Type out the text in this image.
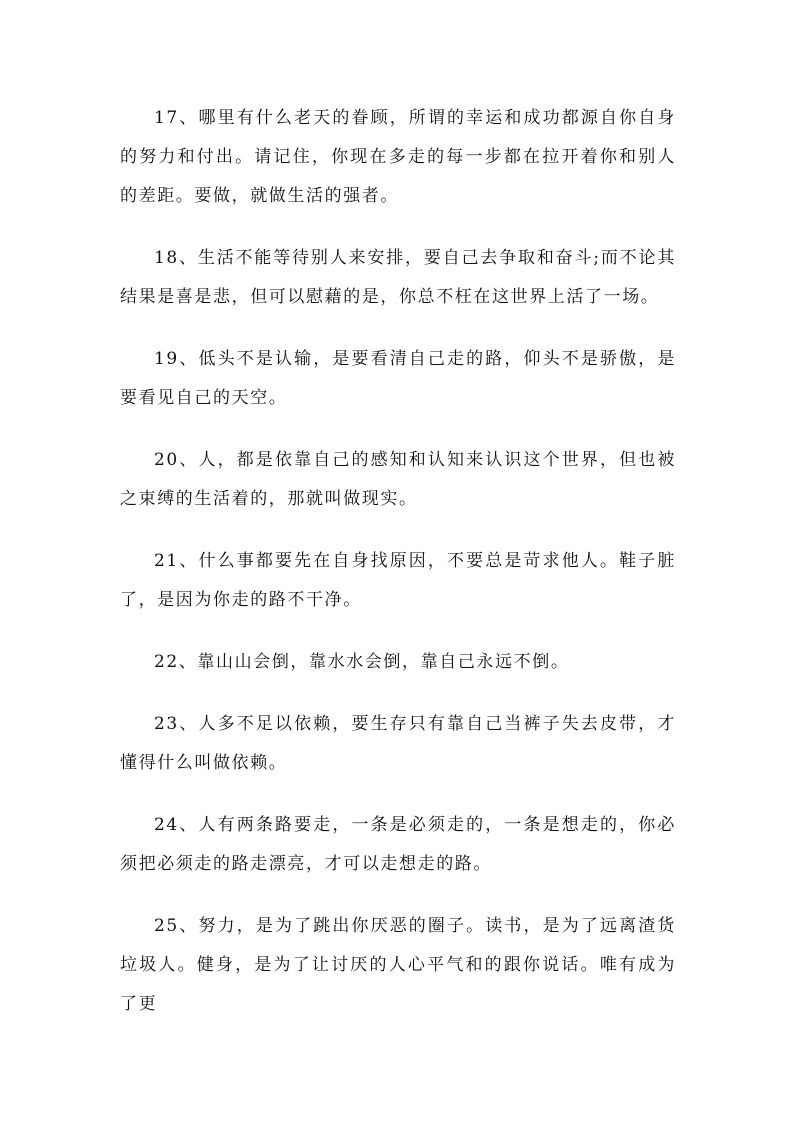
17、哪里有什么老天的眷顾，所谓的幸运和成功都源自你自身的努力和付出。请记住，你现在多走的每一步都在拉开着你和别人的差距。要做，就做生活的强者。

18、生活不能等待别人来安排，要自己去争取和奋斗;而不论其结果是喜是悲，但可以慰藉的是，你总不枉在这世界上活了一场。

19、低头不是认输，是要看清自己走的路，仰头不是骄傲，是要看见自己的天空。

20、人，都是依靠自己的感知和认知来认识这个世界，但也被之束缚的生活着的，那就叫做现实。

21、什么事都要先在自身找原因，不要总是苛求他人。鞋子脏了，是因为你走的路不干净。

22、靠山山会倒，靠水水会倒，靠自己永远不倒。

23、人多不足以依赖，要生存只有靠自己当裤子失去皮带，才懂得什么叫做依赖。

24、人有两条路要走，一条是必须走的，一条是想走的，你必须把必须走的路走漂亮，才可以走想走的路。

25、努力，是为了跳出你厌恶的圈子。读书，是为了远离渣货垃圾人。健身，是为了让讨厌的人心平气和的跟你说话。唯有成为了更
